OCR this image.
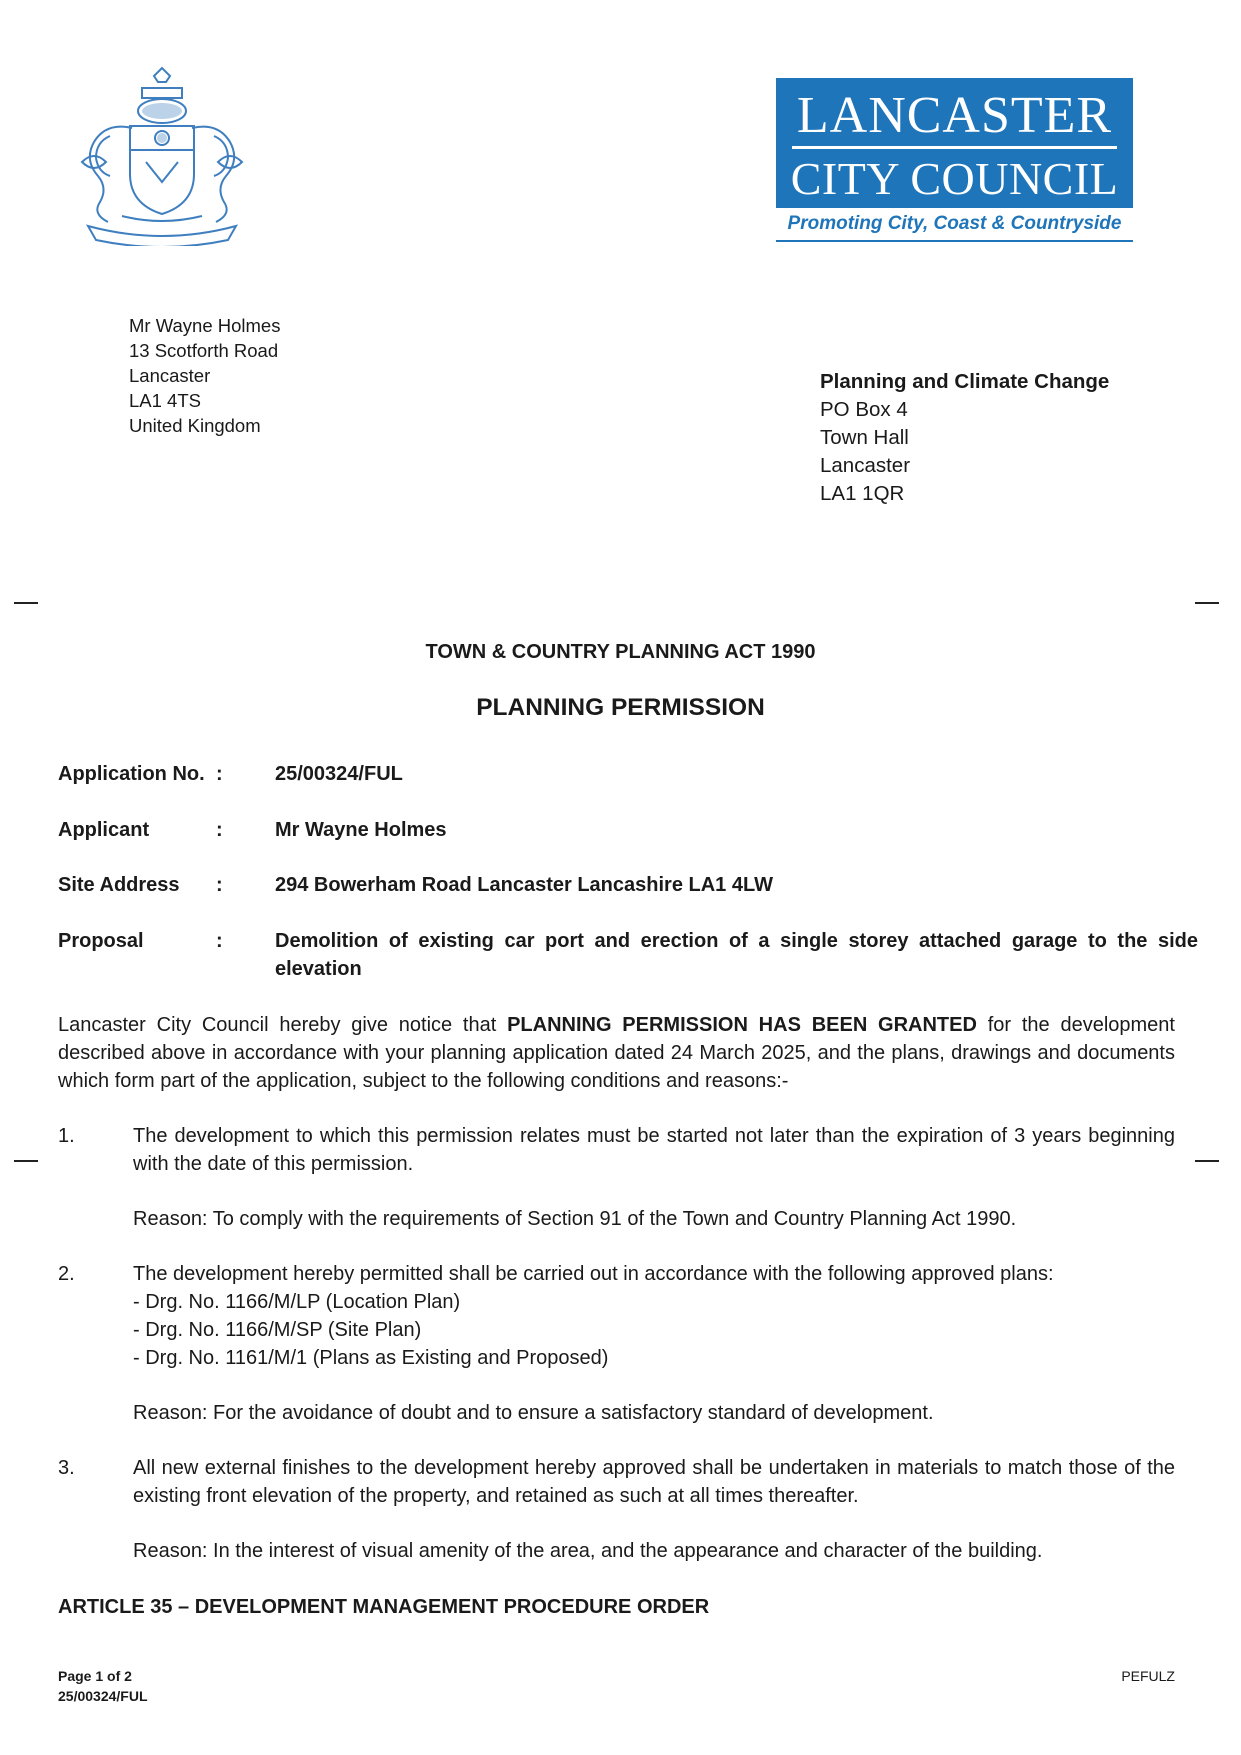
LANCASTER
CITY COUNCIL
Promoting City, Coast & Countryside
Mr Wayne Holmes
13 Scotforth Road
Lancaster
LA1 4TS
United Kingdom
Planning and Climate Change
PO Box 4
Town Hall
Lancaster
LA1 1QR
TOWN & COUNTRY PLANNING ACT 1990
PLANNING PERMISSION
Application No. :	25/00324/FUL
Applicant	:	Mr Wayne Holmes
Site Address :	294 Bowerham Road Lancaster Lancashire LA1 4LW
Proposal	:	Demolition of existing car port and erection of a single storey attached garage to the side elevation
Lancaster City Council hereby give notice that PLANNING PERMISSION HAS BEEN GRANTED for the development described above in accordance with your planning application dated 24 March 2025, and the plans, drawings and documents which form part of the application, subject to the following conditions and reasons:-
1.	The development to which this permission relates must be started not later than the expiration of 3 years beginning with the date of this permission.
Reason: To comply with the requirements of Section 91 of the Town and Country Planning Act 1990.
2.	The development hereby permitted shall be carried out in accordance with the following approved plans:
- Drg. No. 1166/M/LP (Location Plan)
- Drg. No. 1166/M/SP (Site Plan)
- Drg. No. 1161/M/1 (Plans as Existing and Proposed)
Reason: For the avoidance of doubt and to ensure a satisfactory standard of development.
3.	All new external finishes to the development hereby approved shall be undertaken in materials to match those of the existing front elevation of the property, and retained as such at all times thereafter.
Reason: In the interest of visual amenity of the area, and the appearance and character of the building.
ARTICLE 35 – DEVELOPMENT MANAGEMENT PROCEDURE ORDER
Page 1 of 2
25/00324/FUL
PEFULZ
